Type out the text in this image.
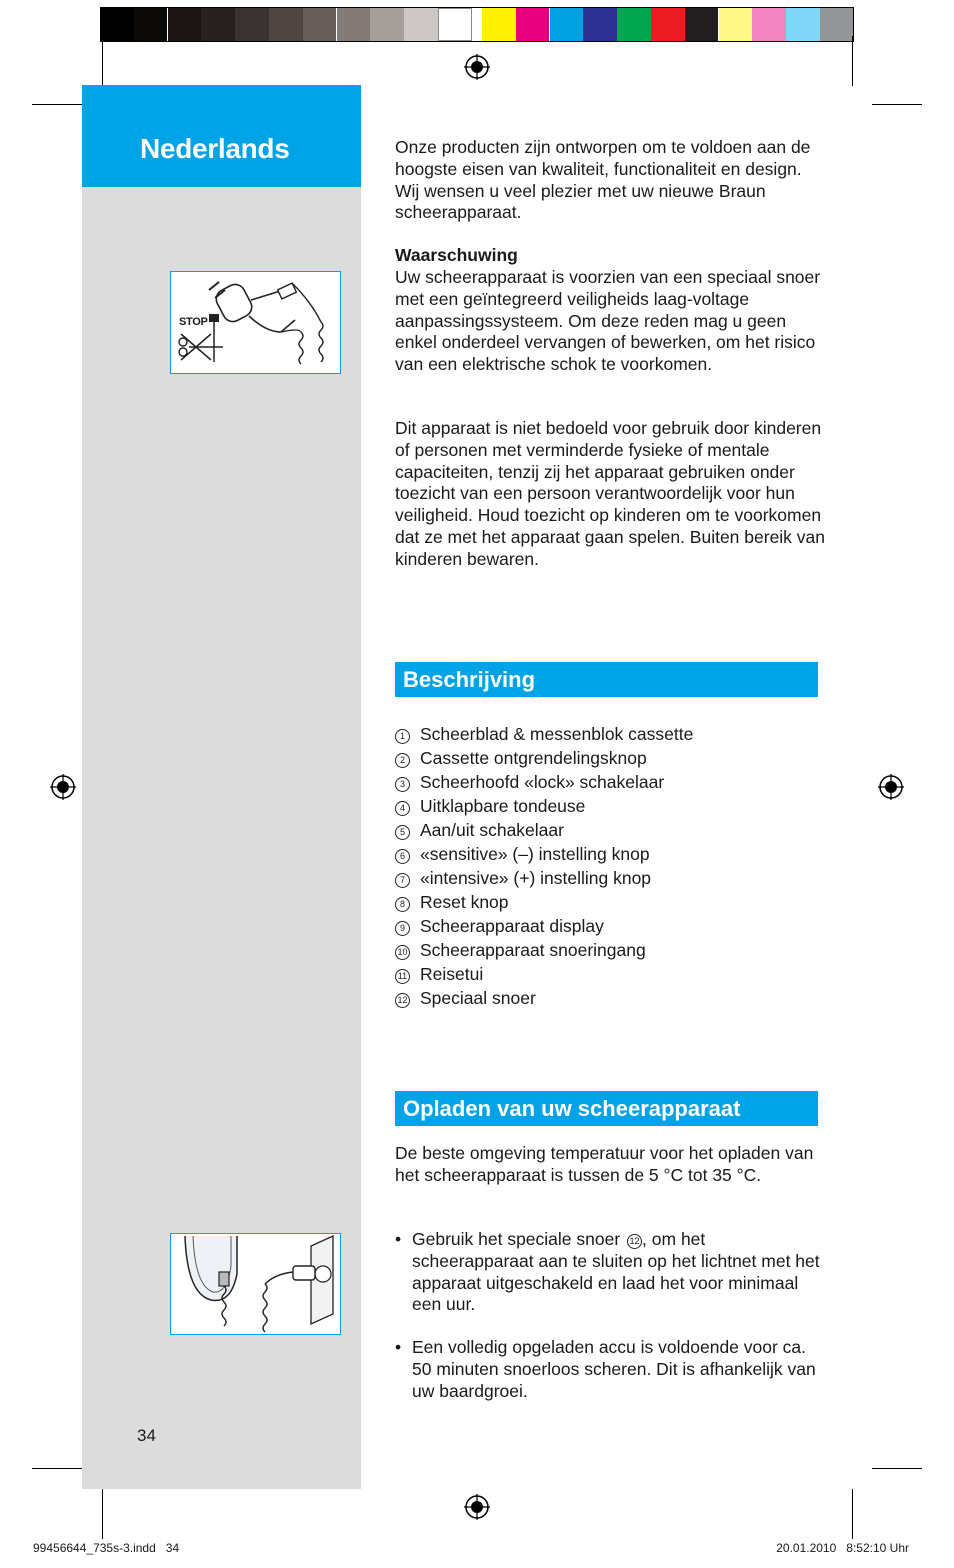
Nederlands
STOP
Onze producten zijn ontworpen om te voldoen aan de hoogste eisen van kwaliteit, functionaliteit en design. Wij wensen u veel plezier met uw nieuwe Braun scheerapparaat.
Waarschuwing
Uw scheerapparaat is voorzien van een speciaal snoer met een geïntegreerd veiligheids laag-voltage aanpassingssysteem. Om deze reden mag u geen enkel onderdeel vervangen of bewerken, om het risico van een elektrische schok te voorkomen.
Dit apparaat is niet bedoeld voor gebruik door kinderen of personen met verminderde fysieke of mentale capaciteiten, tenzij zij het apparaat gebruiken onder toezicht van een persoon verantwoordelijk voor hun veiligheid. Houd toezicht op kinderen om te voorkomen dat ze met het apparaat gaan spelen. Buiten bereik van kinderen bewaren.
Beschrijving
1 Scheerblad & messenblok cassette
2 Cassette ontgrendelingsknop
3 Scheerhoofd «lock» schakelaar
4 Uitklapbare tondeuse
5 Aan/uit schakelaar
6 «sensitive» (–) instelling knop
7 «intensive» (+) instelling knop
8 Reset knop
9 Scheerapparaat display
10 Scheerapparaat snoeringang
11 Reisetui
12 Speciaal snoer
Opladen van uw scheerapparaat
De beste omgeving temperatuur voor het opladen van het scheerapparaat is tussen de 5 °C tot 35 °C.
• Gebruik het speciale snoer 12 , om het scheerapparaat aan te sluiten op het lichtnet met het apparaat uitgeschakeld en laad het voor minimaal een uur.
• Een volledig opgeladen accu is voldoende voor ca. 50 minuten snoerloos scheren. Dit is afhankelijk van uw baardgroei.
34
99456644_735s-3.indd   34	20.01.2010   8:52:10 Uhr
